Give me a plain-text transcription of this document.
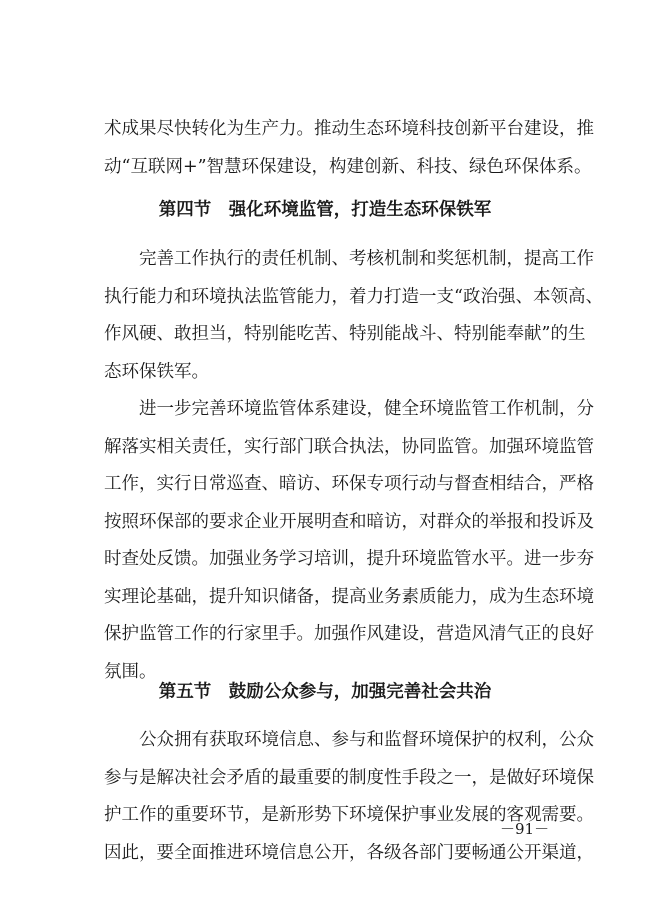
术成果尽快转化为生产力。推动生态环境科技创新平台建设，推
动“互联网+”智慧环保建设，构建创新、科技、绿色环保体系。
第四节　强化环境监管，打造生态环保铁军
完善工作执行的责任机制、考核机制和奖惩机制，提高工作
执行能力和环境执法监管能力，着力打造一支“政治强、本领高、
作风硬、敢担当，特别能吃苦、特别能战斗、特别能奉献”的生
态环保铁军。
进一步完善环境监管体系建设，健全环境监管工作机制，分
解落实相关责任，实行部门联合执法，协同监管。加强环境监管
工作，实行日常巡查、暗访、环保专项行动与督查相结合，严格
按照环保部的要求企业开展明查和暗访，对群众的举报和投诉及
时查处反馈。加强业务学习培训，提升环境监管水平。进一步夯
实理论基础，提升知识储备，提高业务素质能力，成为生态环境
保护监管工作的行家里手。加强作风建设，营造风清气正的良好
氛围。
第五节　鼓励公众参与，加强完善社会共治
公众拥有获取环境信息、参与和监督环境保护的权利，公众
参与是解决社会矛盾的最重要的制度性手段之一，是做好环境保
护工作的重要环节，是新形势下环境保护事业发展的客观需要。
因此，要全面推进环境信息公开，各级各部门要畅通公开渠道，
－91－
